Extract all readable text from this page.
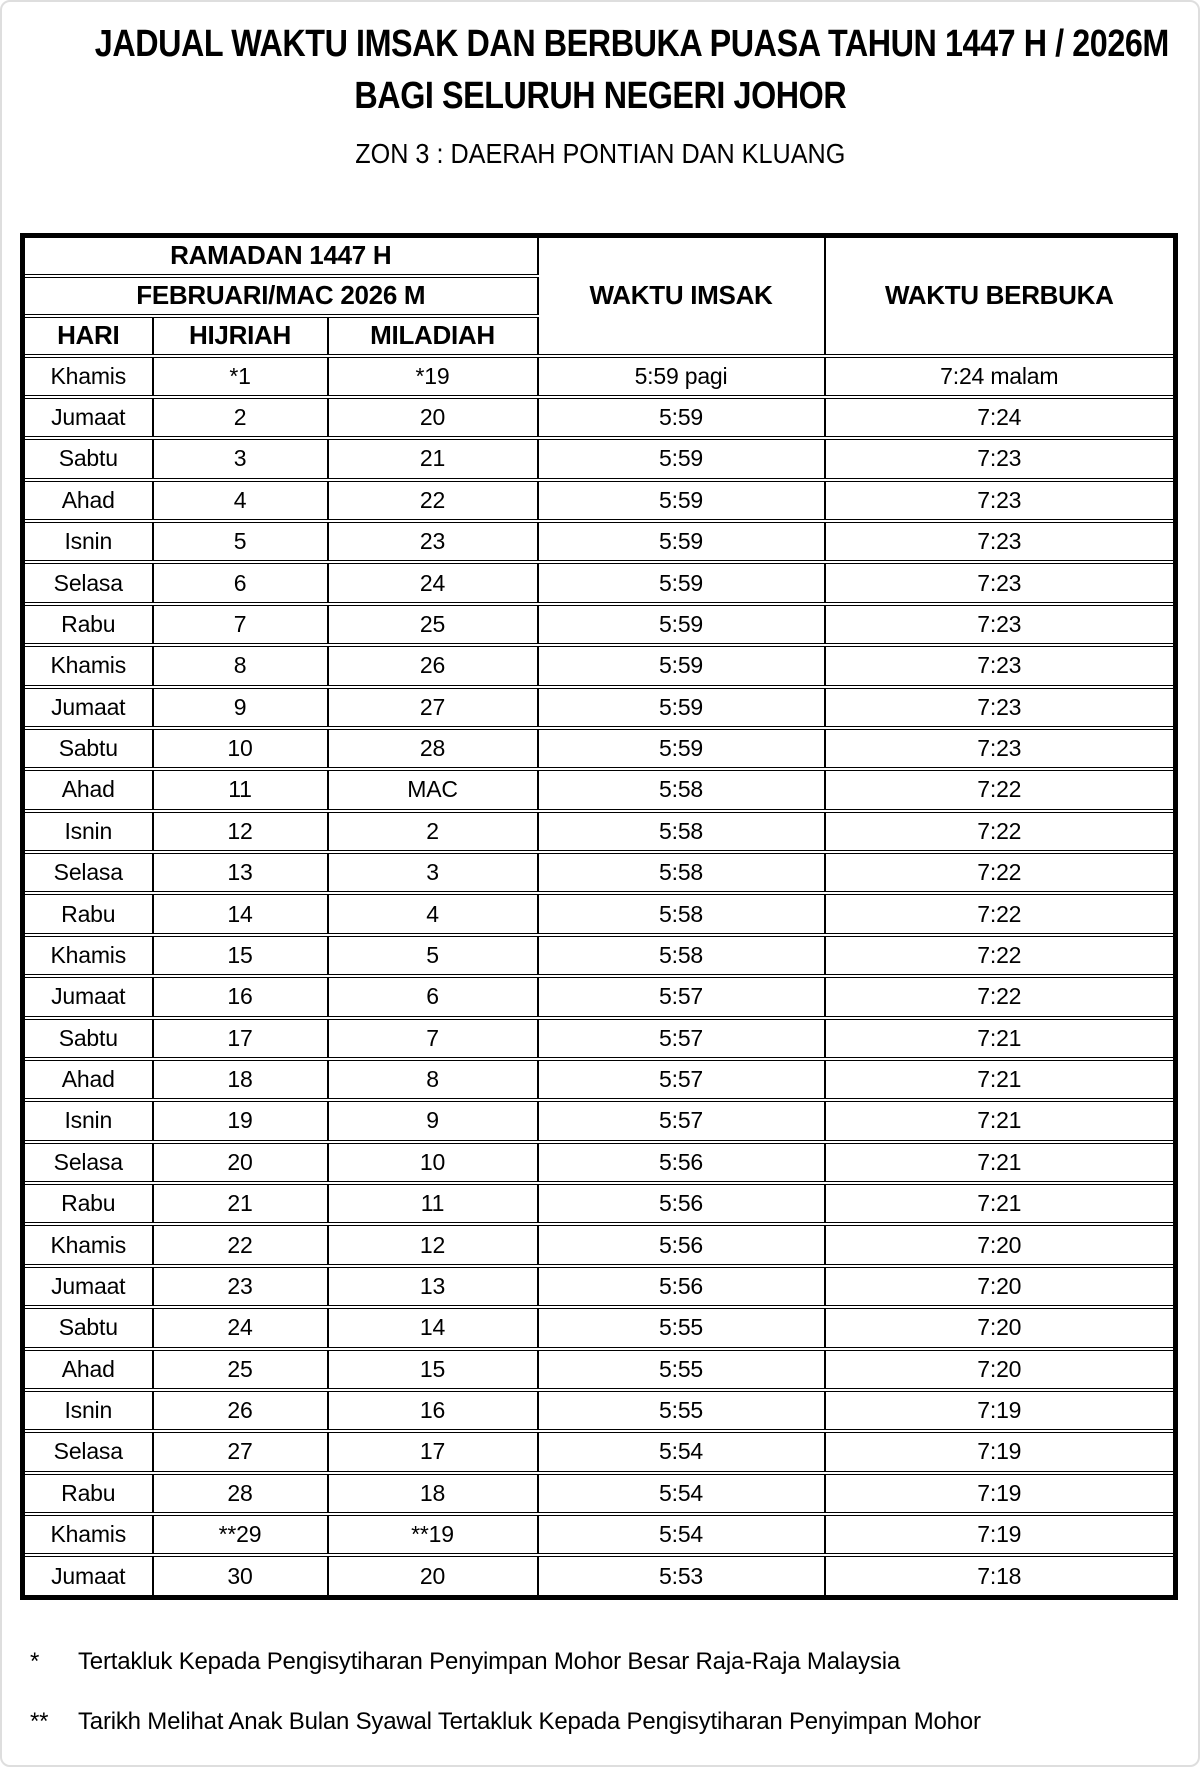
JADUAL WAKTU IMSAK DAN BERBUKA PUASA TAHUN 1447 H / 2026M
BAGI SELURUH NEGERI JOHOR
ZON 3 : DAERAH PONTIAN DAN KLUANG
RAMADAN 1447 H			WAKTU IMSAK	WAKTU BERBUKA
FEBRUARI/MAC 2026 M				
HARI	HIJRIAH	MILADIAH		
Khamis	*1	*19	5:59 pagi	7:24 malam
Jumaat	2	20	5:59	7:24
Sabtu	3	21	5:59	7:23
Ahad	4	22	5:59	7:23
Isnin	5	23	5:59	7:23
Selasa	6	24	5:59	7:23
Rabu	7	25	5:59	7:23
Khamis	8	26	5:59	7:23
Jumaat	9	27	5:59	7:23
Sabtu	10	28	5:59	7:23
Ahad	11	MAC	5:58	7:22
Isnin	12	2	5:58	7:22
Selasa	13	3	5:58	7:22
Rabu	14	4	5:58	7:22
Khamis	15	5	5:58	7:22
Jumaat	16	6	5:57	7:22
Sabtu	17	7	5:57	7:21
Ahad	18	8	5:57	7:21
Isnin	19	9	5:57	7:21
Selasa	20	10	5:56	7:21
Rabu	21	11	5:56	7:21
Khamis	22	12	5:56	7:20
Jumaat	23	13	5:56	7:20
Sabtu	24	14	5:55	7:20
Ahad	25	15	5:55	7:20
Isnin	26	16	5:55	7:19
Selasa	27	17	5:54	7:19
Rabu	28	18	5:54	7:19
Khamis	**29	**19	5:54	7:19
Jumaat	30	20	5:53	7:18
*	Tertakluk Kepada Pengisytiharan Penyimpan Mohor Besar Raja-Raja Malaysia
**	Tarikh Melihat Anak Bulan Syawal Tertakluk Kepada Pengisytiharan Penyimpan Mohor
